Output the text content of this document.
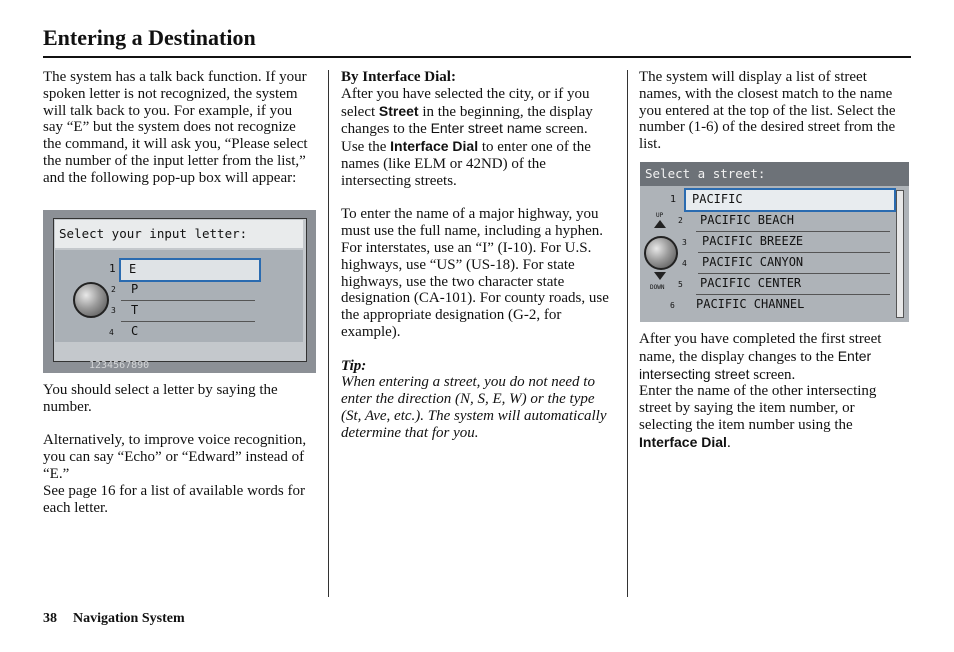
Entering a Destination

The system has a talk back function. If your spoken letter is not recognized, the system will talk back to you. For example, if you say “E” but the system does not recognize the command, it will ask you, “Please select the number of the input letter from the list,” and the following pop-up box will appear:

Select your input letter:
1	E
2	P
3	T
4	C
1234567890

You should select a letter by saying the number.

Alternatively, to improve voice recognition, you can say “Echo” or “Edward” instead of “E.”

See page 16 for a list of available words for each letter.

By Interface Dial:
After you have selected the city, or if you select Street in the beginning, the display changes to the Enter street name screen. Use the Interface Dial to enter one of the names (like ELM or 42ND) of the intersecting streets.

To enter the name of a major highway, you must use the full name, including a hyphen. For interstates, use an “I” (I-10). For U.S. highways, use “US” (US-18). For state highways, use the two character state designation (CA-101). For county roads, use the appropriate designation (G-2, for example).

Tip:

When entering a street, you do not need to enter the direction (N, S, E, W) or the type (St, Ave, etc.). The system will automatically determine that for you.

The system will display a list of street names, with the closest match to the name you entered at the top of the list. Select the number (1-6) of the desired street from the list.

Select a street:
UP
DOWN
1 PACIFIC
2	PACIFIC BEACH
3	PACIFIC BREEZE
4	PACIFIC CANYON
5	PACIFIC CENTER
6	PACIFIC CHANNEL

After you have completed the first street name, the display changes to the Enter intersecting street screen.

Enter the name of the other intersecting street by saying the item number, or selecting the item number using the Interface Dial.

38 Navigation System
